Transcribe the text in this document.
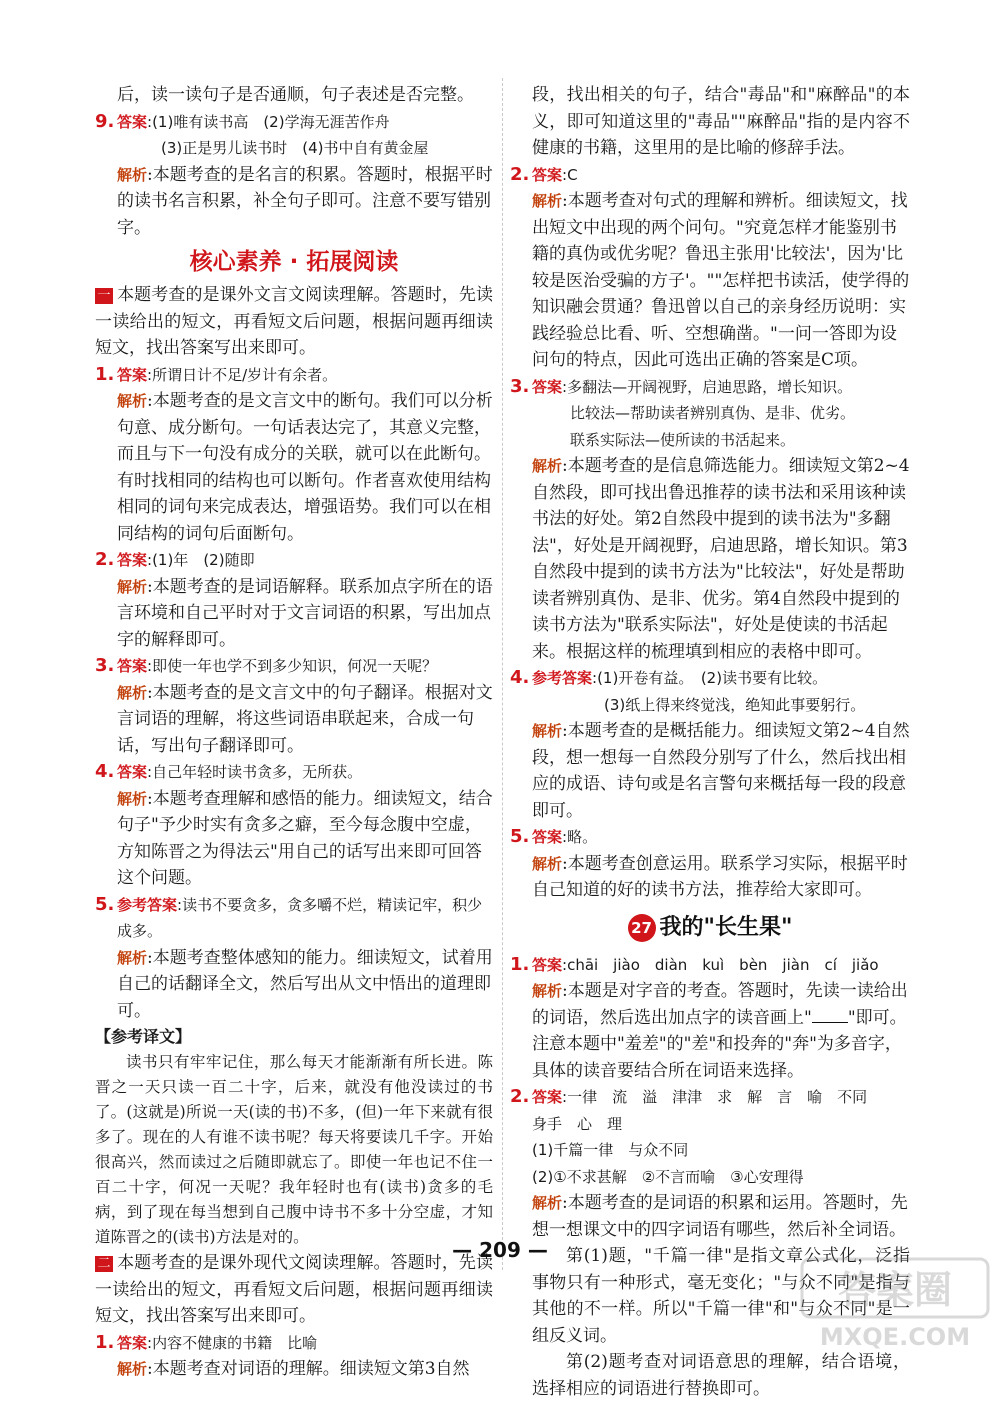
后，读一读句子是否通顺，句子表述是否完整。

9. 答案:(1)唯有读书高　(2)学海无涯苦作舟
(3)正是男儿读书时　(4)书中自有黄金屋
解析:本题考查的是名言的积累。答题时，根据平时的读书名言积累，补全句子即可。注意不要写错别字。
核心素养 · 拓展阅读

一 本题考查的是课外文言文阅读理解。答题时，先读一读给出的短文，再看短文后问题，根据问题再细读短文，找出答案写出来即可。

1. 答案:所谓日计不足/岁计有余者。
解析:本题考查的是文言文中的断句。我们可以分析句意、成分断句。一句话表达完了，其意义完整，而且与下一句没有成分的关联，就可以在此断句。有时找相同的结构也可以断句。作者喜欢使用结构相同的词句来完成表达，增强语势。我们可以在相同结构的词句后面断句。
2. 答案:(1)年　(2)随即
解析:本题考查的是词语解释。联系加点字所在的语言环境和自己平时对于文言词语的积累，写出加点字的解释即可。
3. 答案:即使一年也学不到多少知识，何况一天呢？
解析:本题考查的是文言文中的句子翻译。根据对文言词语的理解，将这些词语串联起来，合成一句话，写出句子翻译即可。
4. 答案:自己年轻时读书贪多，无所获。
解析:本题考查理解和感悟的能力。细读短文，结合句子"予少时实有贪多之癖，至今每念腹中空虚，方知陈晋之为得法云"用自己的话写出来即可回答这个问题。
5. 参考答案:读书不要贪多，贪多嚼不烂，精读记牢，积少成多。
解析:本题考查整体感知的能力。细读短文，试着用自己的话翻译全文，然后写出从文中悟出的道理即可。
【参考译文】

读书只有牢牢记住，那么每天才能渐渐有所长进。陈晋之一天只读一百二十字，后来，就没有他没读过的书了。(这就是)所说一天(读的书)不多，(但)一年下来就有很多了。现在的人有谁不读书呢？每天将要读几千字。开始很高兴，然而读过之后随即就忘了。即使一年也记不住一百二十字，何况一天呢？我年轻时也有(读书)贪多的毛病，到了现在每当想到自己腹中诗书不多十分空虚，才知道陈晋之的(读书)方法是对的。

二 本题考查的是课外现代文阅读理解。答题时，先读一读给出的短文，再看短文后问题，根据问题再细读短文，找出答案写出来即可。

1. 答案:内容不健康的书籍　比喻
解析:本题考查对词语的理解。细读短文第3自然

段，找出相关的句子，结合"毒品"和"麻醉品"的本义，即可知道这里的"毒品""麻醉品"指的是内容不健康的书籍，这里用的是比喻的修辞手法。

2. 答案:C
解析:本题考查对句式的理解和辨析。细读短文，找出短文中出现的两个问句。"究竟怎样才能鉴别书籍的真伪或优劣呢？鲁迅主张用'比较法'，因为'比较是医治受骗的方子'。""怎样把书读活，使学得的知识融会贯通？鲁迅曾以自己的亲身经历说明：实践经验总比看、听、空想确凿。"一问一答即为设问句的特点，因此可选出正确的答案是C项。
3. 答案:多翻法—开阔视野，启迪思路，增长知识。
比较法—帮助读者辨别真伪、是非、优劣。
联系实际法—使所读的书活起来。
解析:本题考查的是信息筛选能力。细读短文第2~4自然段，即可找出鲁迅推荐的读书法和采用该种读书法的好处。第2自然段中提到的读书法为"多翻法"，好处是开阔视野，启迪思路，增长知识。第3自然段中提到的读书方法为"比较法"，好处是帮助读者辨别真伪、是非、优劣。第4自然段中提到的读书方法为"联系实际法"，好处是使读的书活起来。根据这样的梳理填到相应的表格中即可。
4. 参考答案:(1)开卷有益。　(2)读书要有比较。
(3)纸上得来终觉浅，绝知此事要躬行。
解析:本题考查的是概括能力。细读短文第2~4自然段，想一想每一自然段分别写了什么，然后找出相应的成语、诗句或是名言警句来概括每一段的段意即可。
5. 答案:略。
解析:本题考查创意运用。联系学习实际，根据平时自己知道的好的读书方法，推荐给大家即可。
27 我的"长生果"
1. 答案:chāi　jiào　diàn　kuì　bèn　jiàn　cí　jiǎo
解析:本题是对字音的考查。答题时，先读一读给出的词语，然后选出加点字的读音画上" "即可。注意本题中"羞差"的"差"和投奔的"奔"为多音字，具体的读音要结合所在词语来选择。
2. 答案:一律　流　溢　津津　求　解　言　喻　不同
身手　心　理
(1)千篇一律　与众不同
(2)①不求甚解　②不言而喻　③心安理得
解析:本题考查的是词语的积累和运用。答题时，先想一想课文中的四字词语有哪些，然后补全词语。

第(1)题，"千篇一律"是指文章公式化，泛指事物只有一种形式，毫无变化；"与众不同"是指与其他的不一样。所以"千篇一律"和"与众不同"是一组反义词。

第(2)题考查对词语意思的理解，结合语境，选择相应的词语进行替换即可。

— 209 —
答案圈
MXQE.COM
